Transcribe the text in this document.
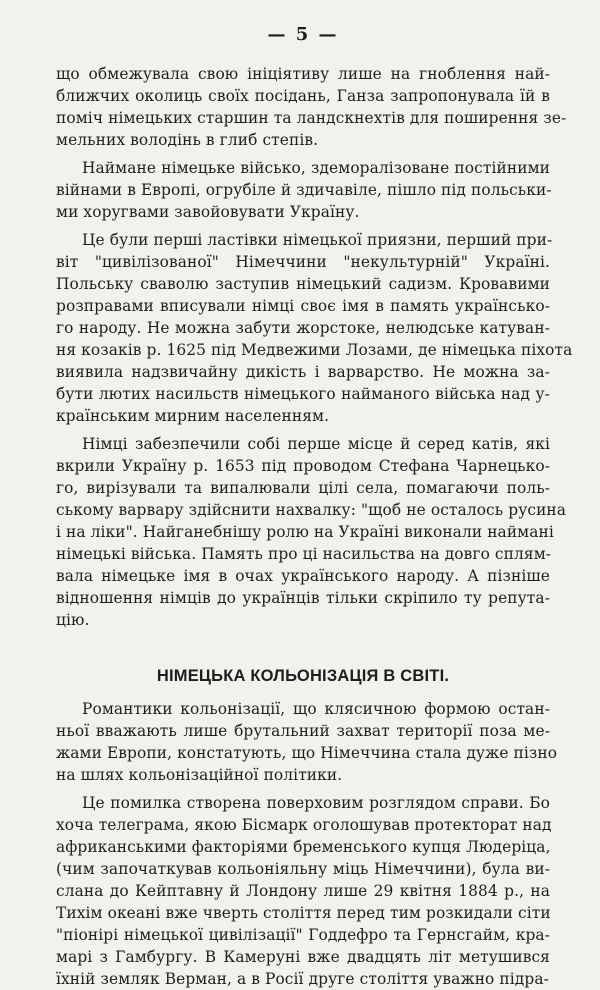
— 5 —
що обмежувала свою ініціятиву лише на гноблення най-
ближчих околиць своїх посідань, Ганза запропонувала їй в
поміч німецьких старшин та ландскнехтів для поширення зе-
мельних володінь в глиб степів.
Наймане німецьке військо, здеморалізоване постійними
війнами в Европі, огрубіле й здичавіле, пішло під польськи-
ми хоругвами завойовувати Україну.
Це були перші ластівки німецької приязни, перший при-
віт "цивілізованої" Німеччини "некультурній" Україні.
Польську сваволю заступив німецький садизм. Кровавими
розправами вписували німці своє імя в память українсько-
го народу. Не можна забути жорстоке, нелюдське катуван-
ня козаків р. 1625 під Медвежими Лозами, де німецька піхота
виявила надзвичайну дикість і варварство. Не можна за-
бути лютих насильств німецького найманого війська над у-
країнським мирним населенням.
Німці забезпечили собі перше місце й серед катів, які
вкрили Україну р. 1653 під проводом Стефана Чарнецько-
го, вирізували та випалювали цілі села, помагаючи поль-
ському варвару здійснити нахвалку: "щоб не осталось русина
і на ліки". Найганебнішу ролю на Україні виконали наймані
німецькі війська. Память про ці насильства на довго сплям-
вала німецьке імя в очах українського народу. А пізніше
відношення німців до українців тільки скріпило ту репута-
цію.
НІМЕЦЬКА КОЛЬОНІЗАЦІЯ В СВІТІ.
Романтики кольонізації, що клясичною формою остан-
ньої вважають лише брутальний захват території поза ме-
жами Европи, констатують, що Німеччина стала дуже пізно
на шлях кольонізаційної політики.
Це помилка створена поверховим розглядом справи. Бо
хоча телеграма, якою Бісмарк оголошував протекторат над
африканськими факторіями бременського купця Людеріца,
(чим започаткував кольоніяльну міць Німеччини), була ви-
слана до Кейптавну й Лондону лише 29 квітня 1884 р., на
Тихім океані вже чверть століття перед тим розкидали сіти
"піонірі німецької цивілізації" Годдефро та Гернсгайм, кра-
марі з Гамбургу. В Камеруні вже двадцять літ метушився
їхній земляк Верман, а в Росії друге століття уважно підра-
